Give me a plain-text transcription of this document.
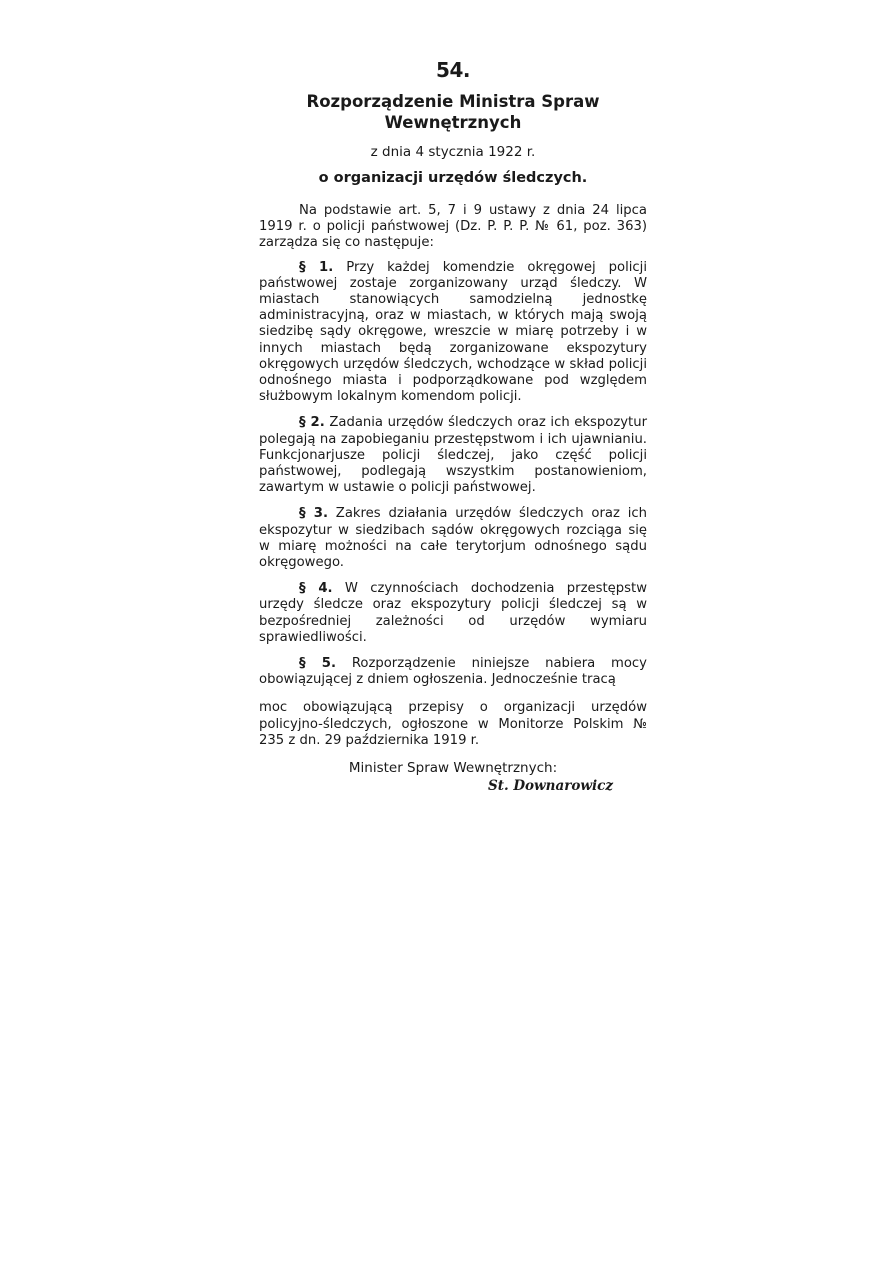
54.
Rozporządzenie Ministra Spraw
Wewnętrznych
z dnia 4 stycznia 1922 r.
o organizacji urzędów śledczych.

Na podstawie art. 5, 7 i 9 ustawy z dnia 24 lipca 1919 r. o policji państwowej (Dz. P. P. P. № 61, poz. 363) zarządza się co następuje:

§ 1. Przy każdej komendzie okręgowej policji państwowej zostaje zorganizowany urząd śledczy. W miastach stanowiących samodzielną jednostkę administracyjną, oraz w miastach, w których mają swoją siedzibę sądy okręgowe, wreszcie w miarę potrzeby i w innych miastach będą zorganizowane ekspozytury okręgowych urzędów śledczych, wchodzące w skład policji odnośnego miasta i podporządkowane pod względem służbowym lokalnym komendom policji.

§ 2. Zadania urzędów śledczych oraz ich ekspozytur polegają na zapobieganiu przestępstwom i ich ujawnianiu. Funkcjonarjusze policji śledczej, jako część policji państwowej, podlegają wszystkim postanowieniom, zawartym w ustawie o policji państwowej.

§ 3. Zakres działania urzędów śledczych oraz ich ekspozytur w siedzibach sądów okręgowych rozciąga się w miarę możności na całe terytorjum odnośnego sądu okręgowego.

§ 4. W czynnościach dochodzenia przestępstw urzędy śledcze oraz ekspozytury policji śledczej są w bezpośredniej zależności od urzędów wymiaru sprawiedliwości.

§ 5. Rozporządzenie niniejsze nabiera mocy obowiązującej z dniem ogłoszenia. Jednocześnie tracą

moc obowiązującą przepisy o organizacji urzędów policyjno-śledczych, ogłoszone w Monitorze Polskim № 235 z dn. 29 października 1919 r.

Minister Spraw Wewnętrznych:
St. Downarowicz
